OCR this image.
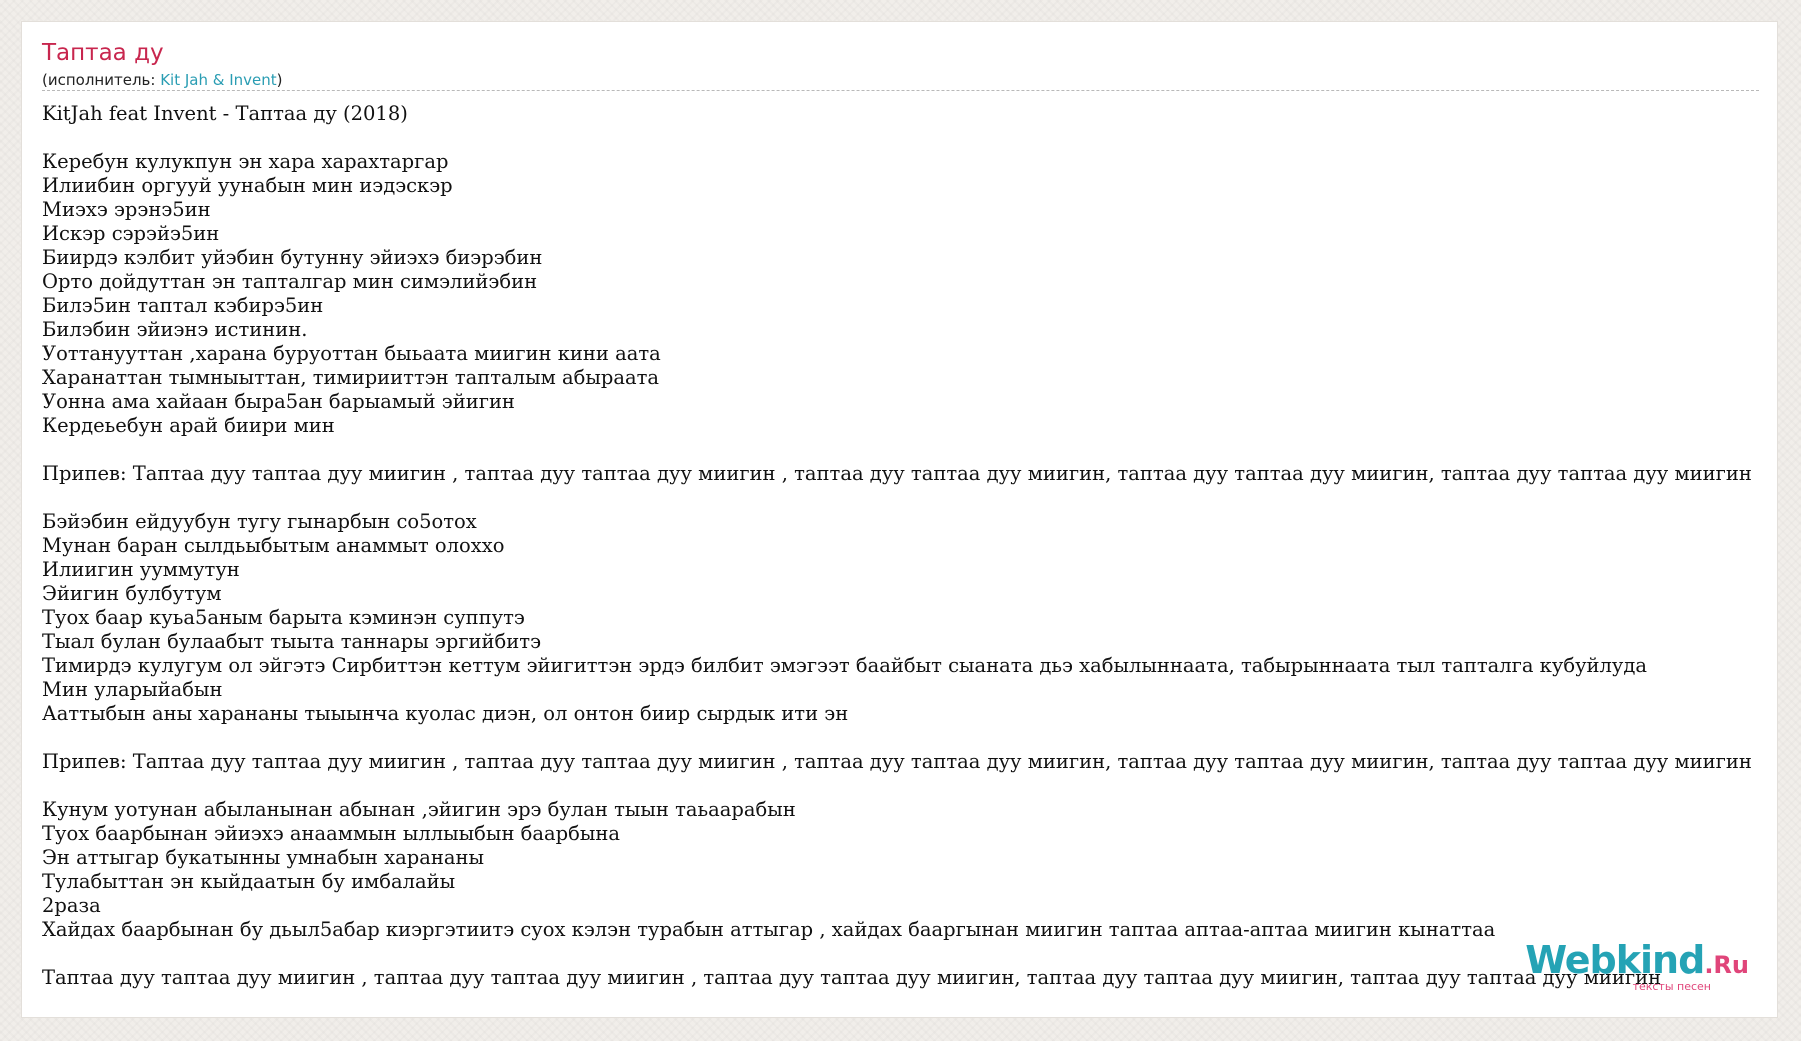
Таптаа ду
(исполнитель: Kit Jah & Invent)
KitJah feat Invent - Таптаа ду (2018)
Керебун кулукпун эн хара харахтаргар
Илиибин оргууй уунабын мин иэдэскэр
Миэхэ эрэнэ5ин
Искэр сэрэйэ5ин
Биирдэ кэлбит уйэбин бутунну эйиэхэ биэрэбин
Орто дойдуттан эн тапталгар мин симэлийэбин
Билэ5ин таптал кэбирэ5ин
Билэбин эйиэнэ истинин.
Уоттанууттан ,харана буруоттан быьаата миигин кини аата
Харанаттан тымныыттан, тимирииттэн тапталым абыраата
Уонна ама хайаан быра5ан барыамый эйигин
Кердеьебун арай биири мин
Припев: Таптаа дуу таптаа дуу миигин , таптаа дуу таптаа дуу миигин , таптаа дуу таптаа дуу миигин, таптаа дуу таптаа дуу миигин, таптаа дуу таптаа дуу миигин
Бэйэбин ейдуубун тугу гынарбын со5отох
Мунан баран сылдьыбытым анаммыт олоххо
Илиигин ууммутун
Эйигин булбутум
Туох баар куьа5аным барыта кэминэн суппутэ
Тыал булан булаабыт тыыта таннары эргийбитэ
Тимирдэ кулугум ол эйгэтэ Сирбиттэн кеттум эйигиттэн эрдэ билбит эмэгээт баайбыт сыаната дьэ хабылыннаата, табырыннаата тыл тапталга кубуйлуда
Мин уларыйабын
Ааттыбын аны харананы тыыынча куолас диэн, ол онтон биир сырдык ити эн
Припев: Таптаа дуу таптаа дуу миигин , таптаа дуу таптаа дуу миигин , таптаа дуу таптаа дуу миигин, таптаа дуу таптаа дуу миигин, таптаа дуу таптаа дуу миигин
Кунум уотунан абыланынан абынан ,эйигин эрэ булан тыын таьаарабын
Туох баарбынан эйиэхэ анааммын ыллыыбын баарбына
Эн аттыгар букатынны умнабын харананы
Тулабыттан эн кыйдаатын бу имбалайы
2раза
Хайдах баарбынан бу дьыл5абар киэргэтиитэ суох кэлэн турабын аттыгар , хайдах бааргынан миигин таптаа аптаа-аптаа миигин кынаттаа
Таптаа дуу таптаа дуу миигин , таптаа дуу таптаа дуу миигин , таптаа дуу таптаа дуу миигин, таптаа дуу таптаа дуу миигин, таптаа дуу таптаа дуу миигин
Webkind.Ru
тексты песен
